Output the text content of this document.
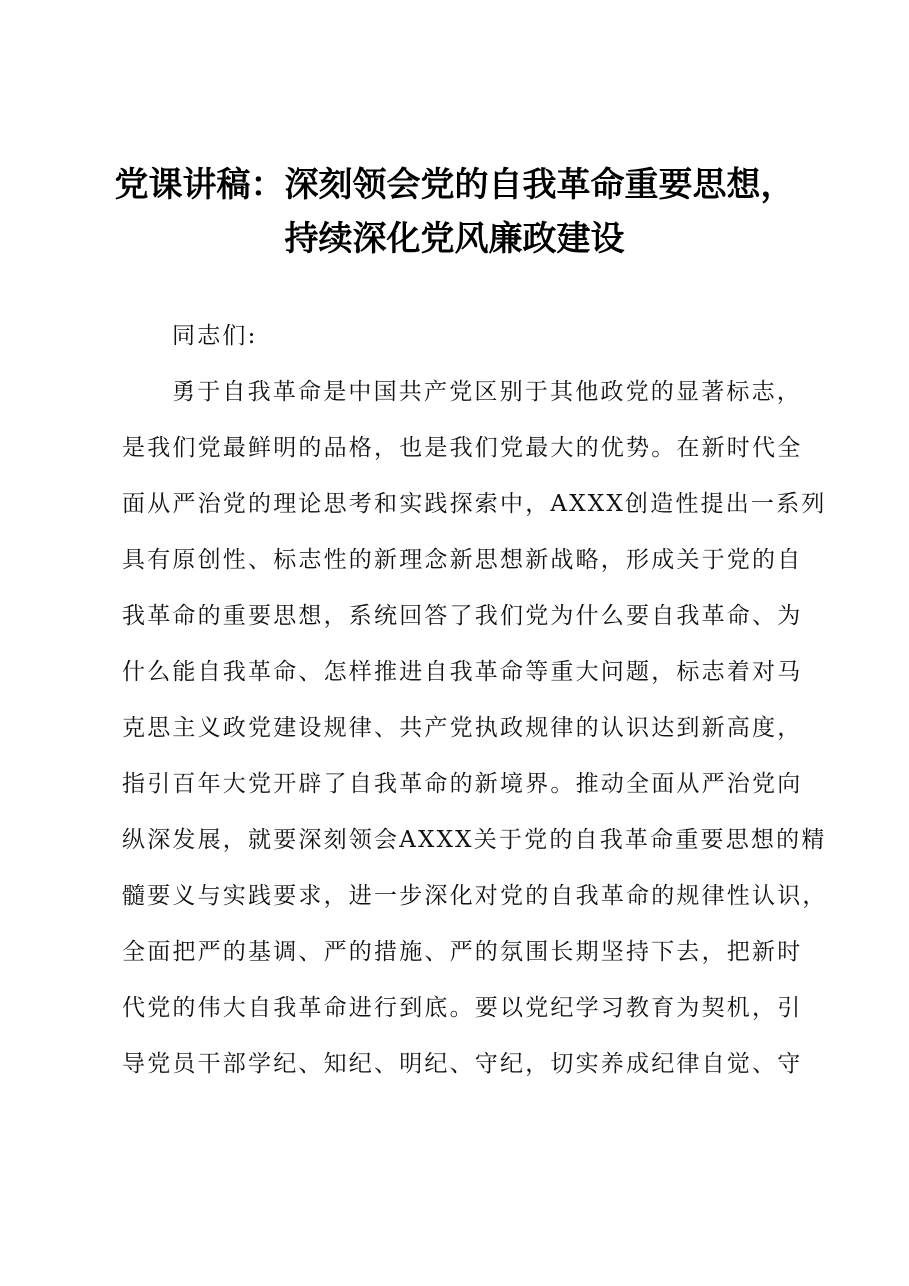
党课讲稿：深刻领会党的自我革命重要思想，
持续深化党风廉政建设
同志们:
勇于自我革命是中国共产党区别于其他政党的显著标志，
是我们党最鲜明的品格，也是我们党最大的优势。在新时代全
面从严治党的理论思考和实践探索中，AXXX创造性提出一系列
具有原创性、标志性的新理念新思想新战略，形成关于党的自
我革命的重要思想，系统回答了我们党为什么要自我革命、为
什么能自我革命、怎样推进自我革命等重大问题，标志着对马
克思主义政党建设规律、共产党执政规律的认识达到新高度，
指引百年大党开辟了自我革命的新境界。推动全面从严治党向
纵深发展，就要深刻领会AXXX关于党的自我革命重要思想的精
髓要义与实践要求，进一步深化对党的自我革命的规律性认识，
全面把严的基调、严的措施、严的氛围长期坚持下去，把新时
代党的伟大自我革命进行到底。要以党纪学习教育为契机，引
导党员干部学纪、知纪、明纪、守纪，切实养成纪律自觉、守
